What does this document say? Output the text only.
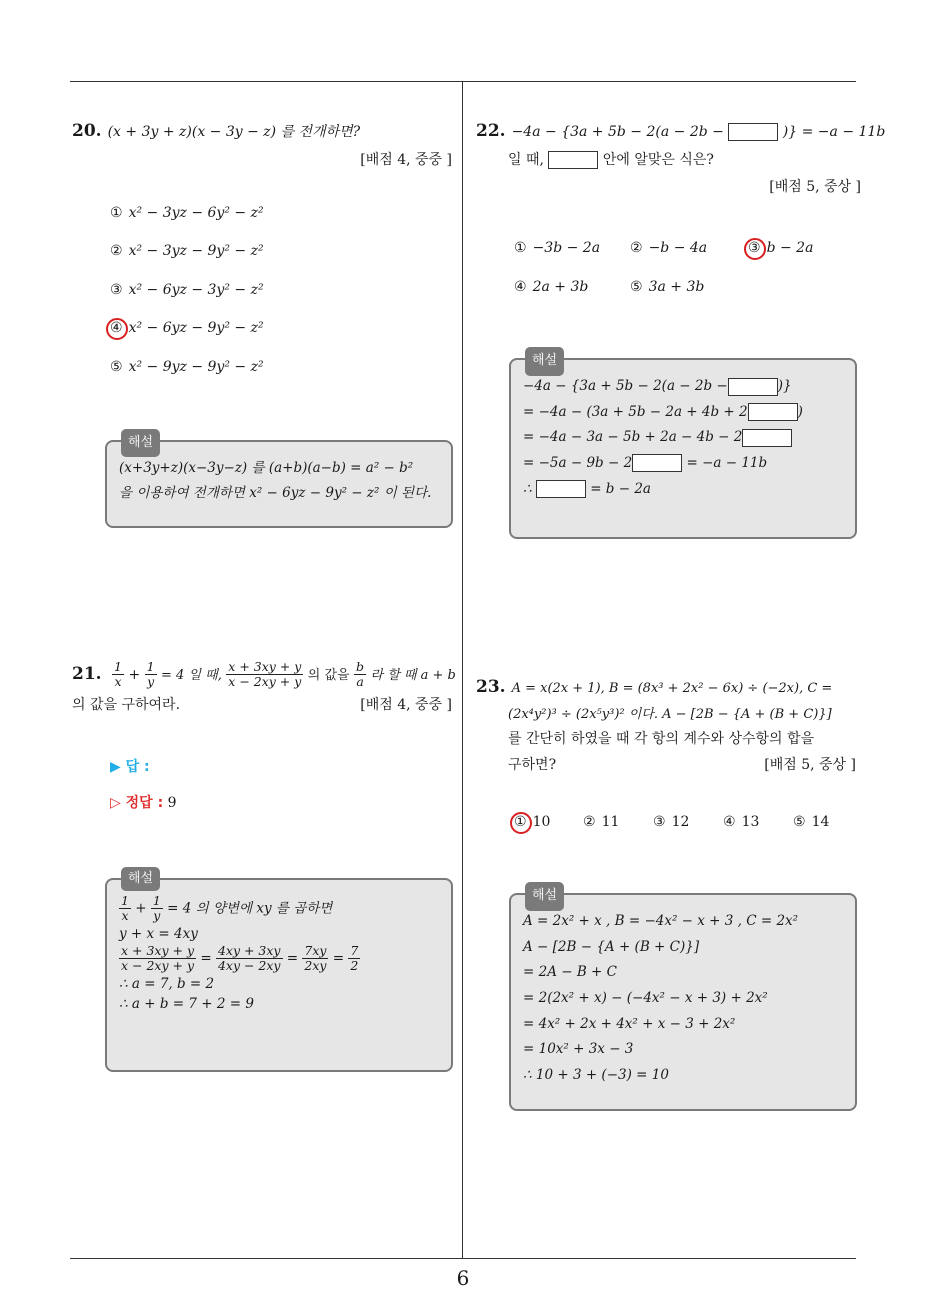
6
20. (x + 3y + z)(x − 3y − z) 를 전개하면?
[배점 4, 중중 ]
① x² − 3yz − 6y² − z²
② x² − 3yz − 9y² − z²
③ x² − 6yz − 3y² − z²
④ x² − 6yz − 9y² − z²
⑤ x² − 9yz − 9y² − z²
해설
(x+3y+z)(x−3y−z) 를 (a+b)(a−b) = a² − b²
을 이용하여 전개하면 x² − 6yz − 9y² − z² 이 된다.
21. $\frac{1}{x} + \frac{1}{y} = 4$ 일 때, $\frac{x + 3xy + y}{x - 2xy + y}$ 의 값을 $\frac{b}{a}$ 라 할 때 a + b
의 값을 구하여라.	[배점 4, 중중 ]
▶ 답 :
▷ 정답 : 9
해설
$\frac{1}{x} + \frac{1}{y} = 4$ 의 양변에 xy 를 곱하면
y + x = 4xy
$\frac{x + 3xy + y}{x - 2xy + y} = \frac{4xy + 3xy}{4xy - 2xy} = \frac{7xy}{2xy} = \frac{7}{2}$
∴ a = 7, b = 2
∴ a + b = 7 + 2 = 9
22. −4a − {3a + 5b − 2(a − 2b −	)} = −a − 11b
일 때,	안에 알맞은 식은?
[배점 5, 중상 ]
① −3b − 2a ② −b − 4a	③ b − 2a
④ 2a + 3b	⑤ 3a + 3b
해설
−4a − {3a + 5b − 2(a − 2b −	)}
= −4a − (3a + 5b − 2a + 4b + 2	)
= −4a − 3a − 5b + 2a − 4b − 2
= −5a − 9b − 2	= −a − 11b
∴	= b − 2a
23. A = x(2x + 1), B = (8x³ + 2x² − 6x) ÷ (−2x), C =
(2x⁴y²)³ ÷ (2x⁵y³)² 이다. A − [2B − {A + (B + C)}]
를 간단히 하였을 때 각 항의 계수와 상수항의 합을
구하면?	[배점 5, 중상 ]
① 10 ② 11 ③ 12 ④ 13 ⑤ 14
해설
A = 2x² + x , B = −4x² − x + 3 , C = 2x²
A − [2B − {A + (B + C)}]
= 2A − B + C
= 2(2x² + x) − (−4x² − x + 3) + 2x²
= 4x² + 2x + 4x² + x − 3 + 2x²
= 10x² + 3x − 3
∴ 10 + 3 + (−3) = 10
